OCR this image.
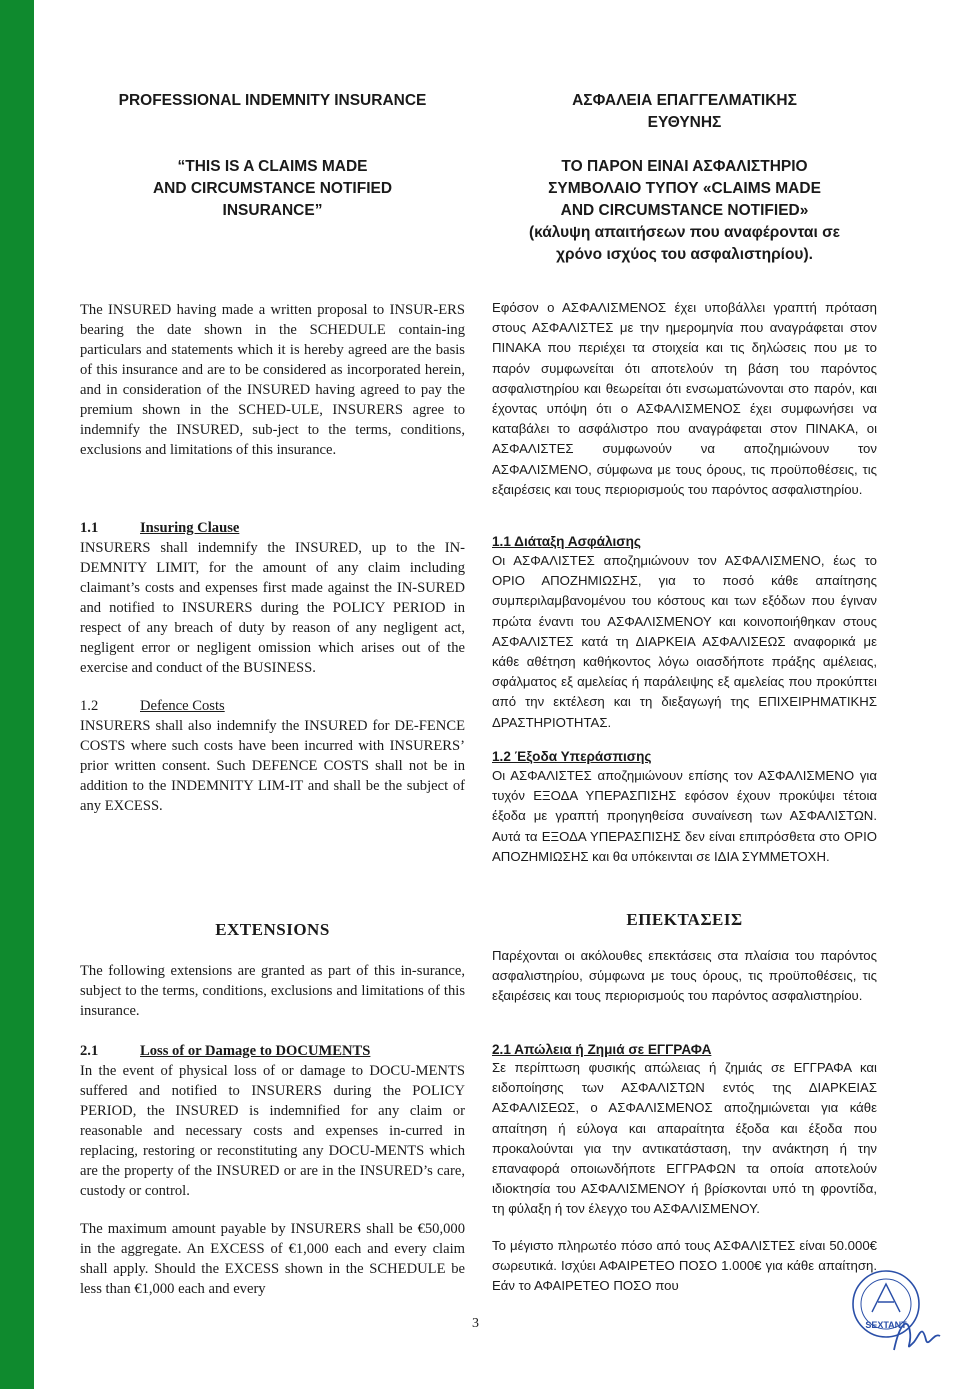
PROFESSIONAL INDEMNITY INSURANCE
“THIS IS A CLAIMS MADE
AND CIRCUMSTANCE NOTIFIED
INSURANCE”
The INSURED having made a written proposal to INSUR-ERS bearing the date shown in the SCHEDULE contain-ing particulars and statements which it is hereby agreed are the basis of this insurance and are to be considered as incorporated herein, and in consideration of the INSURED having agreed to pay the premium shown in the SCHED-ULE, INSURERS agree to indemnify the INSURED, sub-ject to the terms, conditions, exclusions and limitations of this insurance.
1.1	Insuring Clause
INSURERS shall indemnify the INSURED, up to the IN-DEMNITY LIMIT, for the amount of any claim including claimant’s costs and expenses first made against the IN-SURED and notified to INSURERS during the POLICY PERIOD in respect of any breach of duty by reason of any negligent act, negligent error or negligent omission which arises out of the exercise and conduct of the BUSINESS.
1.2	Defence Costs
INSURERS shall also indemnify the INSURED for DE-FENCE COSTS where such costs have been incurred with INSURERS’ prior written consent. Such DEFENCE COSTS shall not be in addition to the INDEMNITY LIM-IT and shall be the subject of any EXCESS.
EXTENSIONS
The following extensions are granted as part of this in-surance, subject to the terms, conditions, exclusions and limitations of this insurance.
2.1	Loss of or Damage to DOCUMENTS
In the event of physical loss of or damage to DOCU-MENTS suffered and notified to INSURERS during the POLICY PERIOD, the INSURED is indemnified for any claim or reasonable and necessary costs and expenses in-curred in replacing, restoring or reconstituting any DOCU-MENTS which are the property of the INSURED or are in the INSURED’s care, custody or control.
The maximum amount payable by INSURERS shall be €50,000 in the aggregate. An EXCESS of €1,000 each and every claim shall apply. Should the EXCESS shown in the SCHEDULE be less than €1,000 each and every
ΑΣΦΑΛΕΙΑ ΕΠΑΓΓΕΛΜΑΤΙΚΗΣ
ΕΥΘΥΝΗΣ
ΤΟ ΠΑΡΟΝ ΕΙΝΑΙ ΑΣΦΑΛΙΣΤΗΡΙΟ
ΣΥΜΒΟΛΑΙΟ ΤΥΠΟΥ «CLAIMS MADE
AND CIRCUMSTANCE NOTIFIED»
(κάλυψη απαιτήσεων που αναφέρονται σε
χρόνο ισχύος του ασφαλιστηρίου).
Εφόσον ο ΑΣΦΑΛΙΣΜΕΝΟΣ έχει υποβάλλει γραπτή πρόταση στους ΑΣΦΑΛΙΣΤΕΣ με την ημερομηνία που αναγράφεται στον ΠΙΝΑΚΑ που περιέχει τα στοιχεία και τις δηλώσεις που με το παρόν συμφωνείται ότι αποτελούν τη βάση του παρόντος ασφαλιστηρίου και θεωρείται ότι ενσωματώνονται στο παρόν, και έχοντας υπόψη ότι ο ΑΣΦΑΛΙΣΜΕΝΟΣ έχει συμφωνήσει να καταβάλει το ασφάλιστρο που αναγράφεται στον ΠΙΝΑΚΑ, οι ΑΣΦΑΛΙΣΤΕΣ συμφωνούν να αποζημιώνουν τον ΑΣΦΑΛΙΣΜΕΝΟ, σύμφωνα με τους όρους, τις προϋποθέσεις, τις εξαιρέσεις και τους περιορισμούς του παρόντος ασφαλιστηρίου.
1.1 Διάταξη Ασφάλισης
Οι ΑΣΦΑΛΙΣΤΕΣ αποζημιώνουν τον ΑΣΦΑΛΙΣΜΕΝΟ, έως το ΟΡΙΟ ΑΠΟΖΗΜΙΩΣΗΣ, για το ποσό κάθε απαίτησης συμπεριλαμβανομένου του κόστους και των εξόδων που έγιναν πρώτα έναντι του ΑΣΦΑΛΙΣΜΕΝΟΥ και κοινοποιήθηκαν στους ΑΣΦΑΛΙΣΤΕΣ κατά τη ΔΙΑΡΚΕΙΑ ΑΣΦΑΛΙΣΕΩΣ αναφορικά με κάθε αθέτηση καθήκοντος λόγω οιασδήποτε πράξης αμέλειας, σφάλματος εξ αμελείας ή παράλειψης εξ αμελείας που προκύπτει από την εκτέλεση και τη διεξαγωγή της ΕΠΙΧΕΙΡΗΜΑΤΙΚΗΣ ΔΡΑΣΤΗΡΙΟΤΗΤΑΣ.
1.2 Έξοδα Υπεράσπισης
Οι ΑΣΦΑΛΙΣΤΕΣ αποζημιώνουν επίσης τον ΑΣΦΑΛΙΣΜΕΝΟ για τυχόν ΕΞΟΔΑ ΥΠΕΡΑΣΠΙΣΗΣ εφόσον έχουν προκύψει τέτοια έξοδα με γραπτή προηγηθείσα συναίνεση των ΑΣΦΑΛΙΣΤΩΝ. Αυτά τα ΕΞΟΔΑ ΥΠΕΡΑΣΠΙΣΗΣ δεν είναι επιπρόσθετα στο ΟΡΙΟ ΑΠΟΖΗΜΙΩΣΗΣ και θα υπόκεινται σε ΙΔΙΑ ΣΥΜΜΕΤΟΧΗ.
ΕΠΕΚΤΑΣΕΙΣ
Παρέχονται οι ακόλουθες επεκτάσεις στα πλαίσια του παρόντος ασφαλιστηρίου, σύμφωνα με τους όρους, τις προϋποθέσεις, τις εξαιρέσεις και τους περιορισμούς του παρόντος ασφαλιστηρίου.
2.1 Απώλεια ή Ζημιά σε ΕΓΓΡΑΦΑ
Σε περίπτωση φυσικής απώλειας ή ζημιάς σε ΕΓΓΡΑΦΑ και ειδοποίησης των ΑΣΦΑΛΙΣΤΩΝ εντός της ΔΙΑΡΚΕΙΑΣ ΑΣΦΑΛΙΣΕΩΣ, ο ΑΣΦΑΛΙΣΜΕΝΟΣ αποζημιώνεται για κάθε απαίτηση ή εύλογα και απαραίτητα έξοδα και έξοδα που προκαλούνται για την αντικατάσταση, την ανάκτηση ή την επαναφορά οποιωνδήποτε ΕΓΓΡΑΦΩΝ τα οποία αποτελούν ιδιοκτησία του ΑΣΦΑΛΙΣΜΕΝΟΥ ή βρίσκονται υπό τη φροντίδα, τη φύλαξη ή τον έλεγχο του ΑΣΦΑΛΙΣΜΕΝΟΥ.
Το μέγιστο πληρωτέο πόσο από τους ΑΣΦΑΛΙΣΤΕΣ είναι 50.000€ σωρευτικά. Ισχύει ΑΦΑΙΡΕΤΕΟ ΠΟΣΟ 1.000€ για κάθε απαίτηση. Εάν το ΑΦΑΙΡΕΤΕΟ ΠΟΣΟ που
3	SEXTANT
